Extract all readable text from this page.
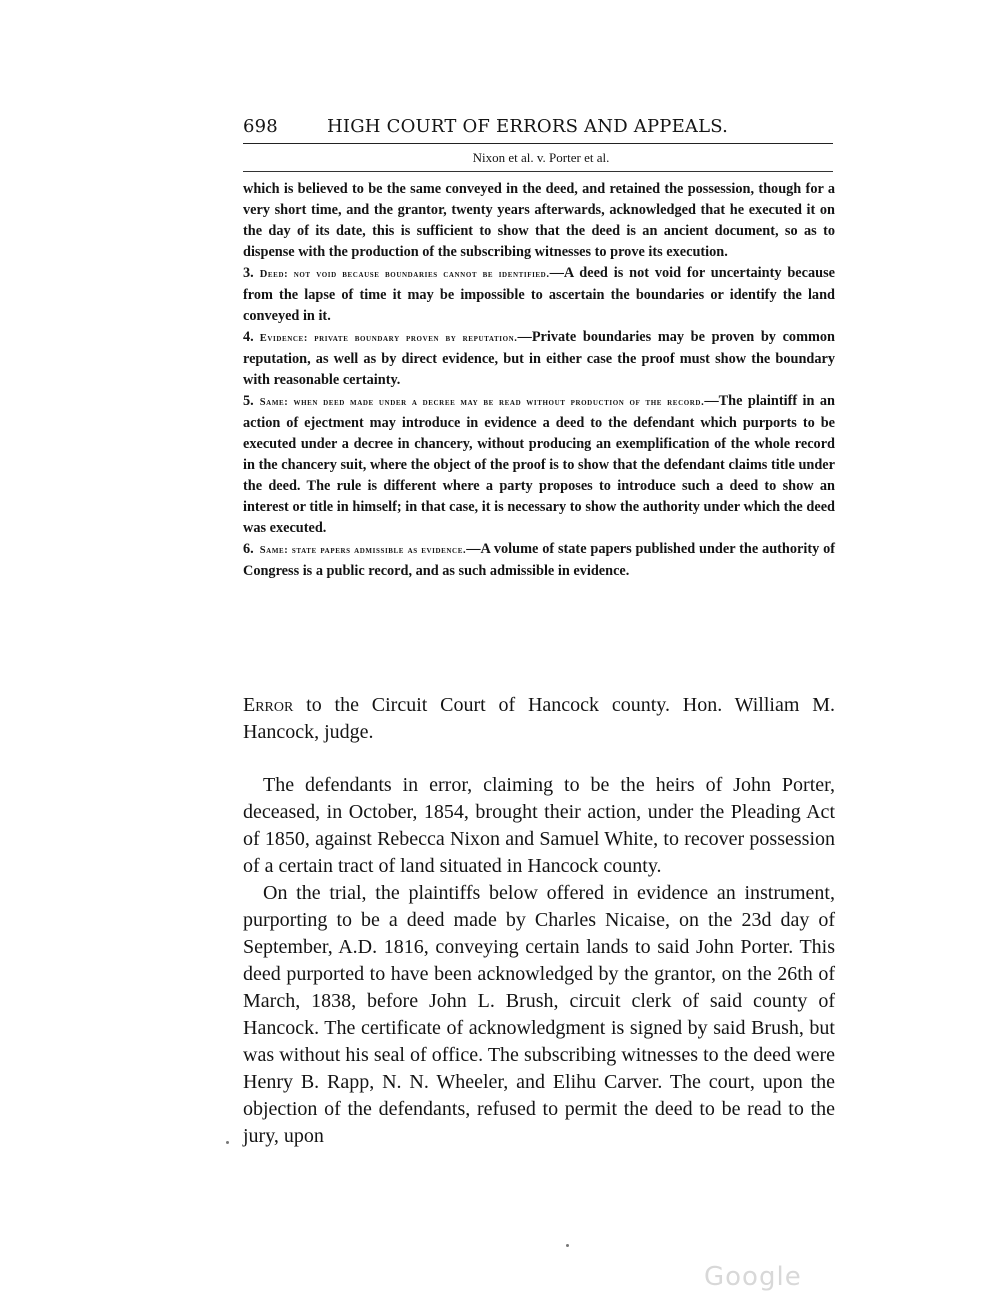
698	HIGH COURT OF ERRORS AND APPEALS.
Nixon et al. v. Porter et al.

which is believed to be the same conveyed in the deed, and retained the possession, though for a very short time, and the grantor, twenty years afterwards, acknowledged that he executed it on the day of its date, this is sufficient to show that the deed is an ancient document, so as to dispense with the production of the subscribing witnesses to prove its execution.

3. Deed: not void because boundaries cannot be identified.—A deed is not void for uncertainty because from the lapse of time it may be impossible to ascertain the boundaries or identify the land conveyed in it.

4. Evidence: private boundary proven by reputation.—Private boundaries may be proven by common reputation, as well as by direct evidence, but in either case the proof must show the boundary with reasonable certainty.

5. Same: when deed made under a decree may be read without production of the record.—The plaintiff in an action of ejectment may introduce in evidence a deed to the defendant which purports to be executed under a decree in chancery, without producing an exemplification of the whole record in the chancery suit, where the object of the proof is to show that the defendant claims title under the deed. The rule is different where a party proposes to introduce such a deed to show an interest or title in himself; in that case, it is necessary to show the authority under which the deed was executed.

6. Same: state papers admissible as evidence.—A volume of state papers published under the authority of Congress is a public record, and as such admissible in evidence.

Error to the Circuit Court of Hancock county. Hon. William M. Hancock, judge.

The defendants in error, claiming to be the heirs of John Porter, deceased, in October, 1854, brought their action, under the Pleading Act of 1850, against Rebecca Nixon and Samuel White, to recover possession of a certain tract of land situated in Hancock county.

On the trial, the plaintiffs below offered in evidence an instrument, purporting to be a deed made by Charles Nicaise, on the 23d day of September, A.D. 1816, conveying certain lands to said John Porter. This deed purported to have been acknowledged by the grantor, on the 26th of March, 1838, before John L. Brush, circuit clerk of said county of Hancock. The certificate of acknowledgment is signed by said Brush, but was without his seal of office. The subscribing witnesses to the deed were Henry B. Rapp, N. N. Wheeler, and Elihu Carver. The court, upon the objection of the defendants, refused to permit the deed to be read to the jury, upon

Google
